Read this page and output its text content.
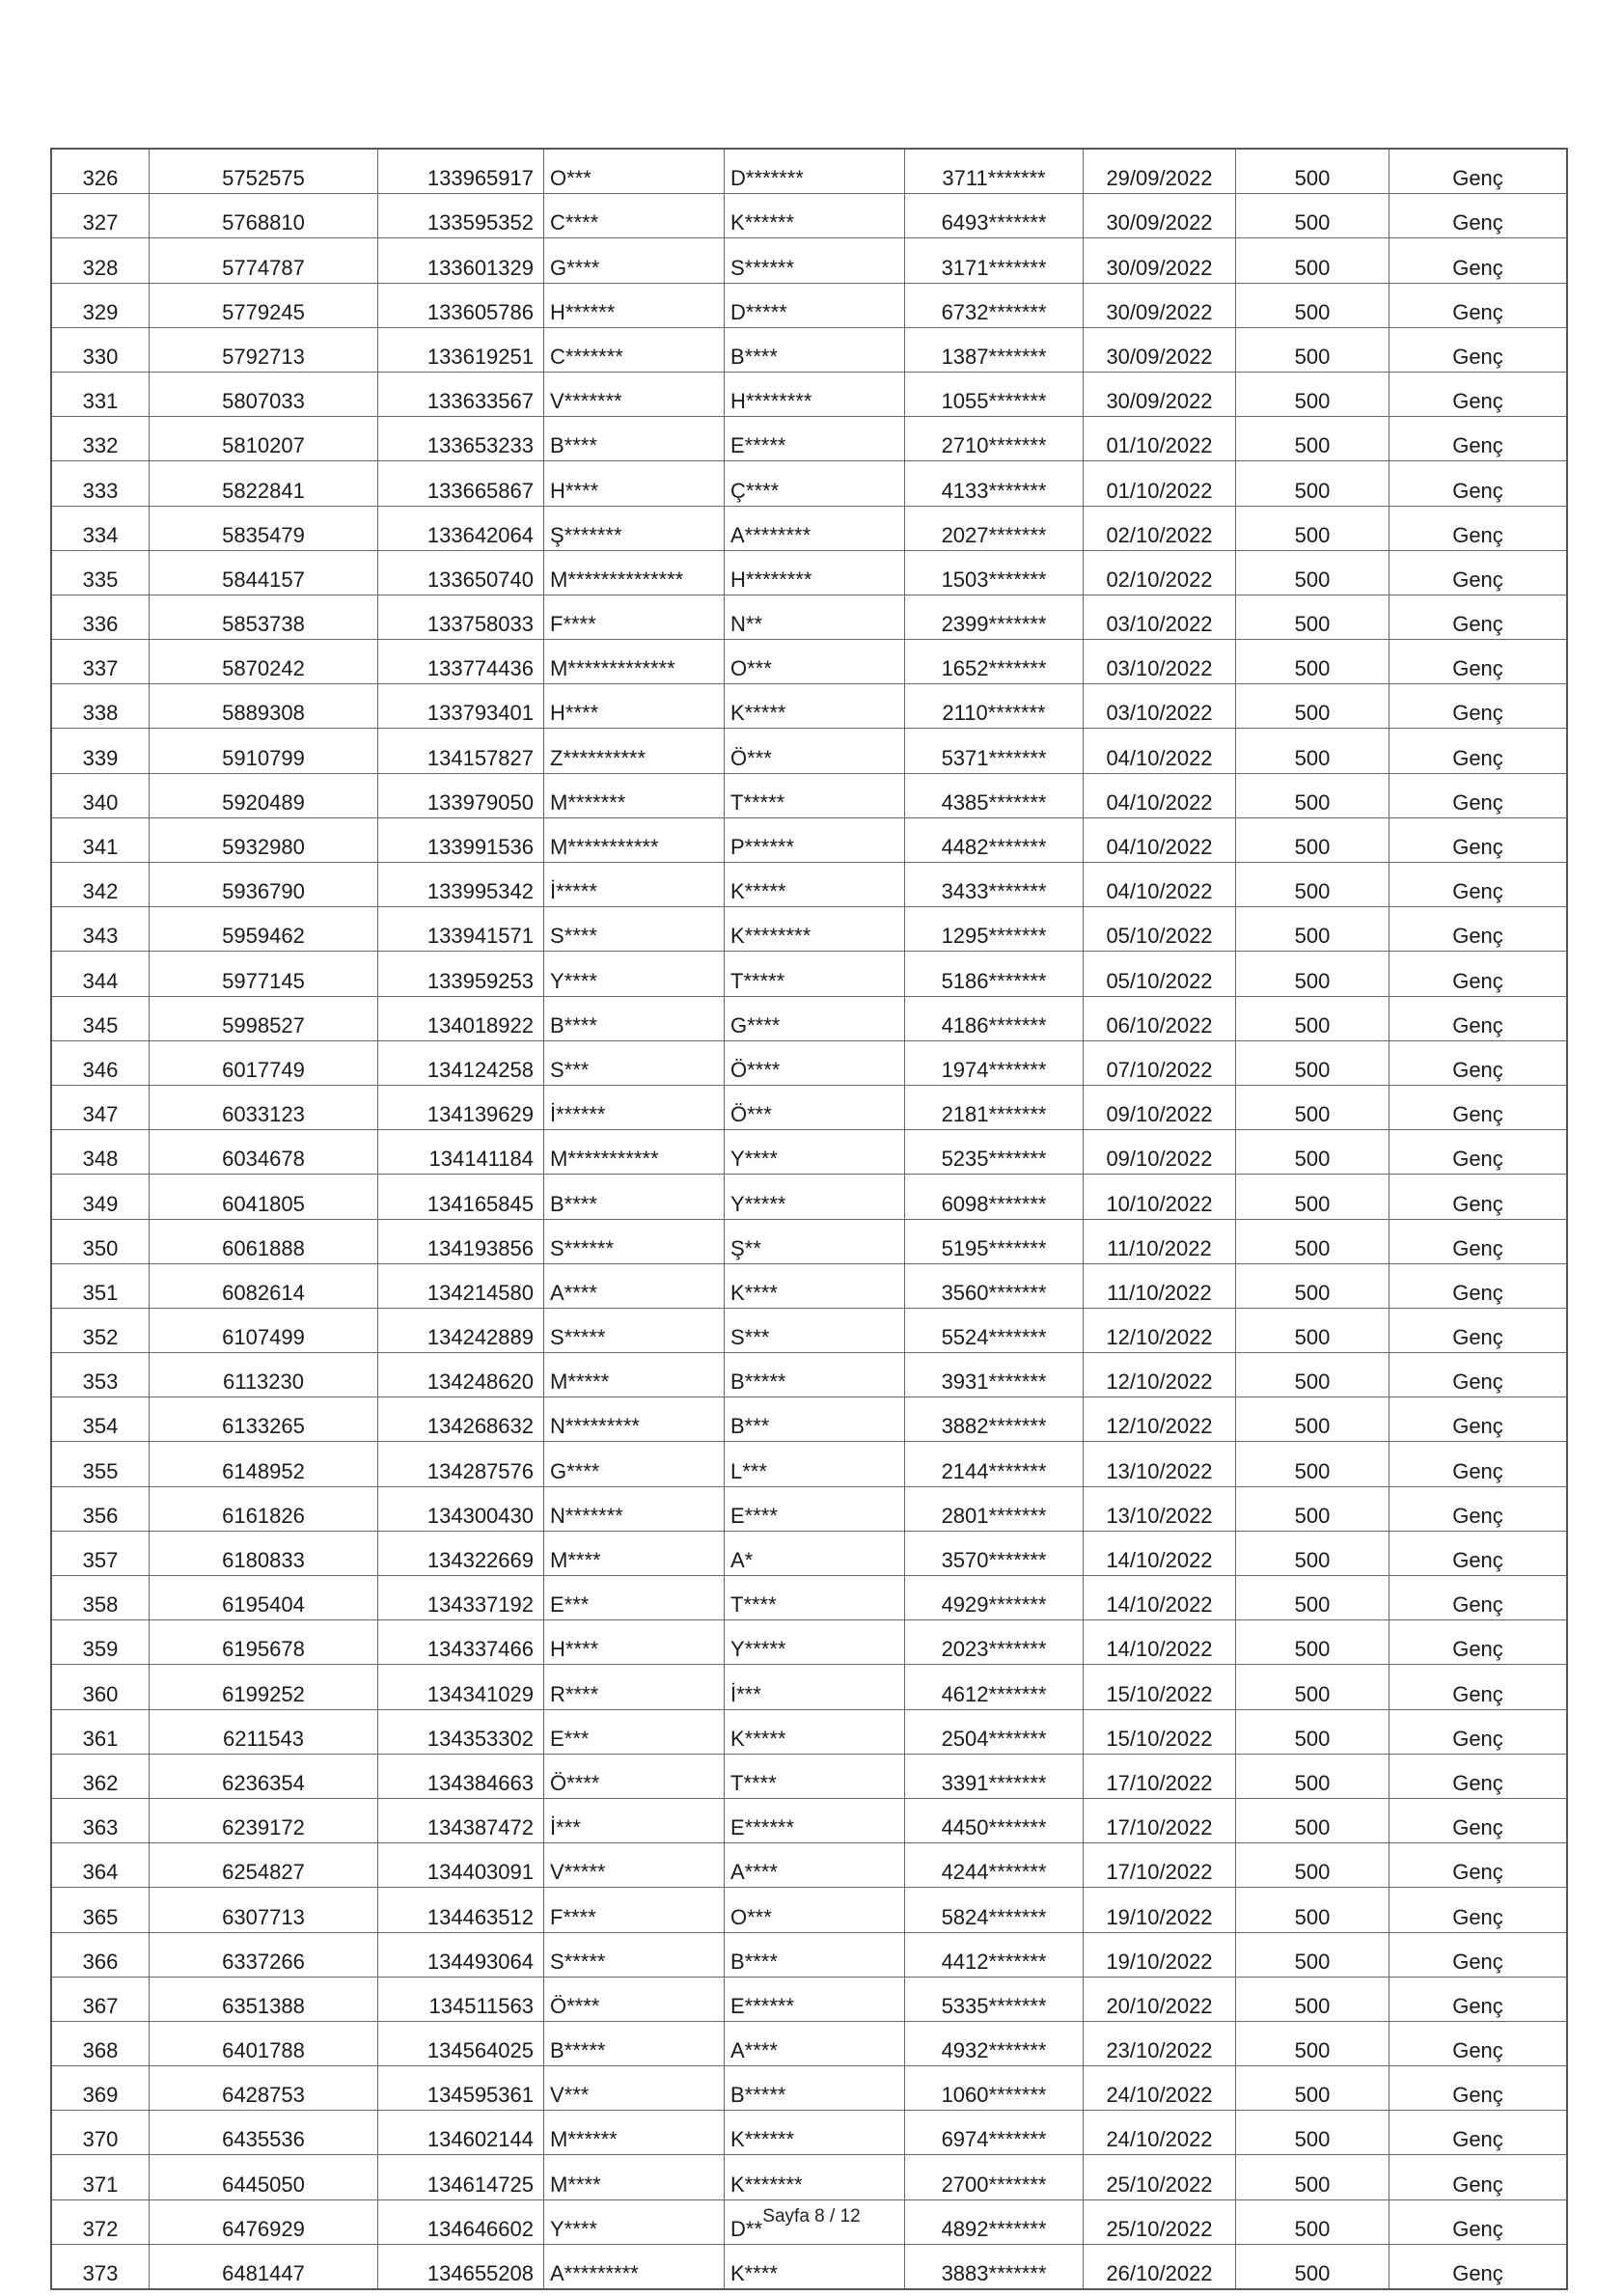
326	5752575	133965917	O***	D*******	3711*******	29/09/2022	500	Genç
327	5768810	133595352	C****	K******	6493*******	30/09/2022	500	Genç
328	5774787	133601329	G****	S******	3171*******	30/09/2022	500	Genç
329	5779245	133605786	H******	D*****	6732*******	30/09/2022	500	Genç
330	5792713	133619251	C*******	B****	1387*******	30/09/2022	500	Genç
331	5807033	133633567	V*******	H********	1055*******	30/09/2022	500	Genç
332	5810207	133653233	B****	E*****	2710*******	01/10/2022	500	Genç
333	5822841	133665867	H****	Ç****	4133*******	01/10/2022	500	Genç
334	5835479	133642064	Ş*******	A********	2027*******	02/10/2022	500	Genç
335	5844157	133650740	M**************	H********	1503*******	02/10/2022	500	Genç
336	5853738	133758033	F****	N**	2399*******	03/10/2022	500	Genç
337	5870242	133774436	M*************	O***	1652*******	03/10/2022	500	Genç
338	5889308	133793401	H****	K*****	2110*******	03/10/2022	500	Genç
339	5910799	134157827	Z**********	Ö***	5371*******	04/10/2022	500	Genç
340	5920489	133979050	M*******	T*****	4385*******	04/10/2022	500	Genç
341	5932980	133991536	M***********	P******	4482*******	04/10/2022	500	Genç
342	5936790	133995342	İ*****	K*****	3433*******	04/10/2022	500	Genç
343	5959462	133941571	S****	K********	1295*******	05/10/2022	500	Genç
344	5977145	133959253	Y****	T*****	5186*******	05/10/2022	500	Genç
345	5998527	134018922	B****	G****	4186*******	06/10/2022	500	Genç
346	6017749	134124258	S***	Ö****	1974*******	07/10/2022	500	Genç
347	6033123	134139629	İ******	Ö***	2181*******	09/10/2022	500	Genç
348	6034678	134141184	M***********	Y****	5235*******	09/10/2022	500	Genç
349	6041805	134165845	B****	Y*****	6098*******	10/10/2022	500	Genç
350	6061888	134193856	S******	Ş**	5195*******	11/10/2022	500	Genç
351	6082614	134214580	A****	K****	3560*******	11/10/2022	500	Genç
352	6107499	134242889	S*****	S***	5524*******	12/10/2022	500	Genç
353	6113230	134248620	M*****	B*****	3931*******	12/10/2022	500	Genç
354	6133265	134268632	N*********	B***	3882*******	12/10/2022	500	Genç
355	6148952	134287576	G****	L***	2144*******	13/10/2022	500	Genç
356	6161826	134300430	N*******	E****	2801*******	13/10/2022	500	Genç
357	6180833	134322669	M****	A*	3570*******	14/10/2022	500	Genç
358	6195404	134337192	E***	T****	4929*******	14/10/2022	500	Genç
359	6195678	134337466	H****	Y*****	2023*******	14/10/2022	500	Genç
360	6199252	134341029	R****	İ***	4612*******	15/10/2022	500	Genç
361	6211543	134353302	E***	K*****	2504*******	15/10/2022	500	Genç
362	6236354	134384663	Ö****	T****	3391*******	17/10/2022	500	Genç
363	6239172	134387472	İ***	E******	4450*******	17/10/2022	500	Genç
364	6254827	134403091	V*****	A****	4244*******	17/10/2022	500	Genç
365	6307713	134463512	F****	O***	5824*******	19/10/2022	500	Genç
366	6337266	134493064	S*****	B****	4412*******	19/10/2022	500	Genç
367	6351388	134511563	Ö****	E******	5335*******	20/10/2022	500	Genç
368	6401788	134564025	B*****	A****	4932*******	23/10/2022	500	Genç
369	6428753	134595361	V***	B*****	1060*******	24/10/2022	500	Genç
370	6435536	134602144	M******	K******	6974*******	24/10/2022	500	Genç
371	6445050	134614725	M****	K*******	2700*******	25/10/2022	500	Genç
372	6476929	134646602	Y****	D**	4892*******	25/10/2022	500	Genç
373	6481447	134655208	A*********	K****	3883*******	26/10/2022	500	Genç
Sayfa 8 / 12
